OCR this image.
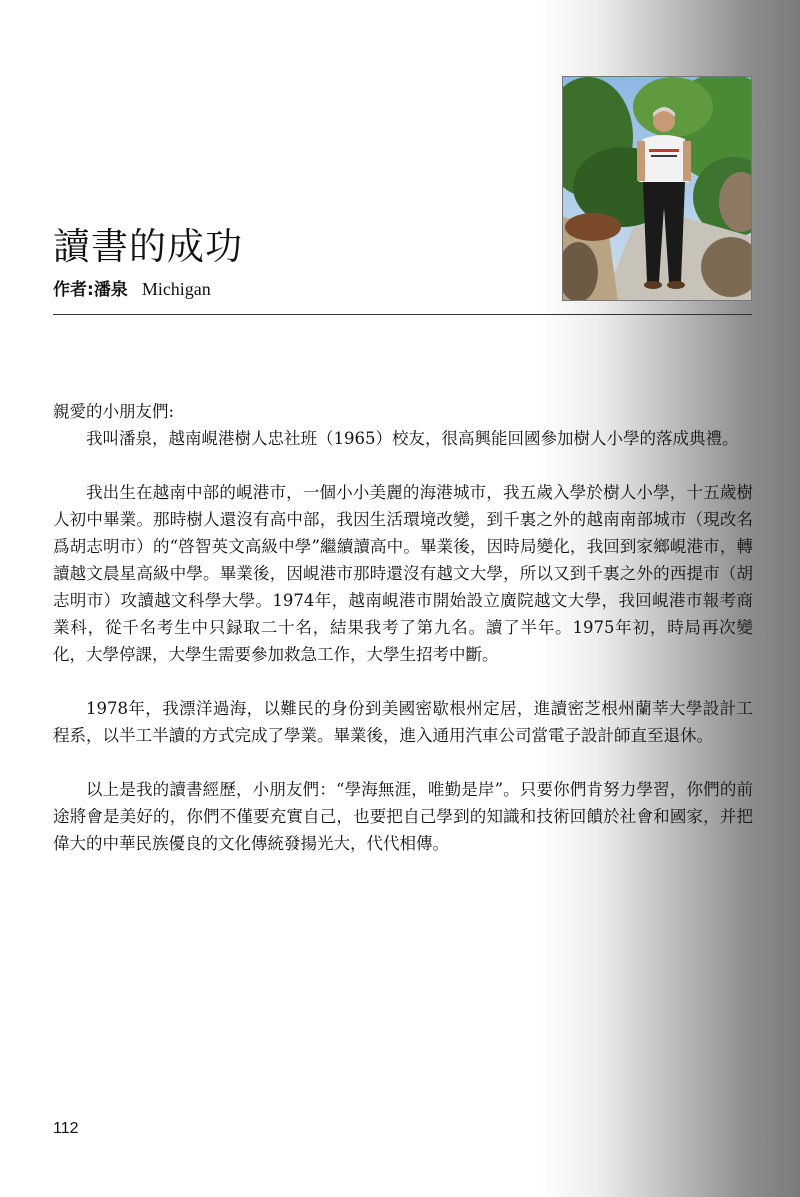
讀書的成功
作者:潘泉 Michigan

親愛的小朋友們:

我叫潘泉，越南峴港樹人忠社班（1965）校友，很高興能回國參加樹人小學的落成典禮。

我出生在越南中部的峴港市，一個小小美麗的海港城市，我五歲入學於樹人小學，十五歲樹人初中畢業。那時樹人還沒有高中部，我因生活環境改變，到千裏之外的越南南部城市（現改名爲胡志明市）的“啓智英文高級中學”繼續讀高中。畢業後，因時局變化，我回到家鄉峴港市，轉讀越文晨星高級中學。畢業後，因峴港市那時還沒有越文大學，所以又到千裏之外的西提市（胡志明市）攻讀越文科學大學。1974年，越南峴港市開始設立廣院越文大學，我回峴港市報考商業科，從千名考生中只録取二十名，結果我考了第九名。讀了半年。1975年初，時局再次變化，大學停課，大學生需要參加救急工作，大學生招考中斷。

1978年，我漂洋過海，以難民的身份到美國密歇根州定居，進讀密芝根州蘭莘大學設計工程系，以半工半讀的方式完成了學業。畢業後，進入通用汽車公司當電子設計師直至退休。

以上是我的讀書經歷，小朋友們：“學海無涯，唯勤是岸”。只要你們肯努力學習，你們的前途將會是美好的，你們不僅要充實自己，也要把自己學到的知識和技術回饋於社會和國家，并把偉大的中華民族優良的文化傳統發揚光大，代代相傳。

112
